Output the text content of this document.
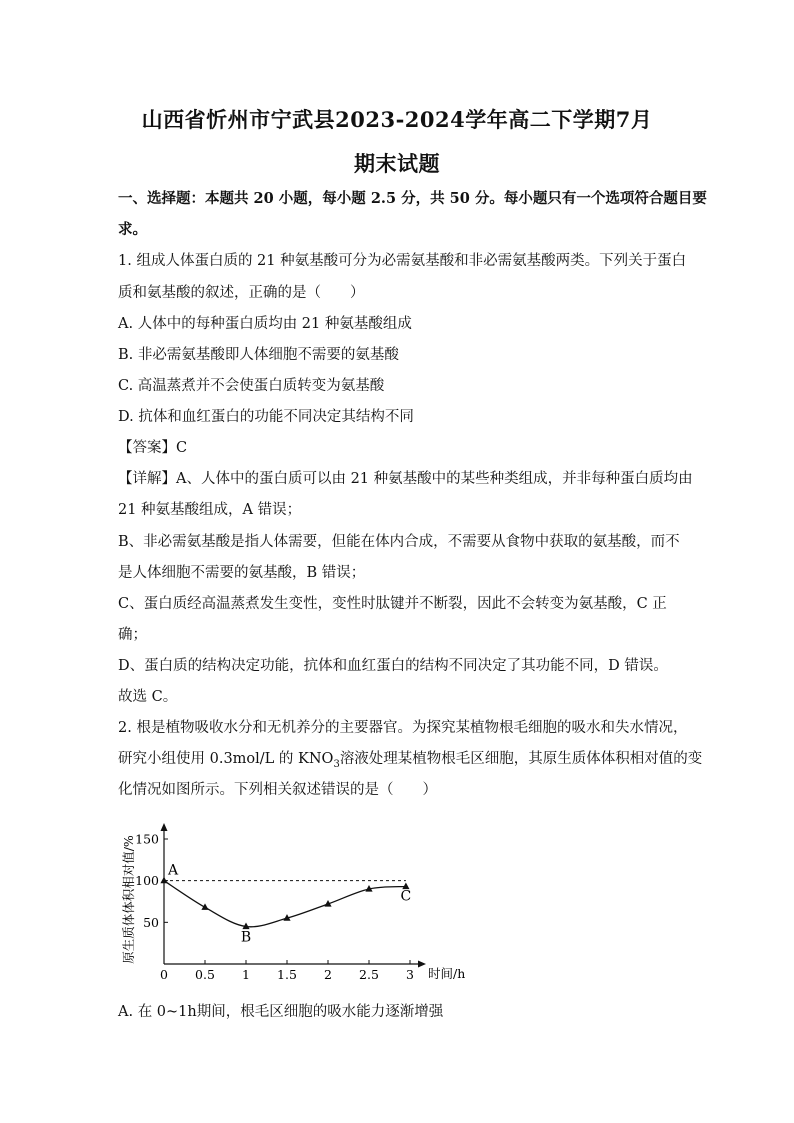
山西省忻州市宁武县2023-2024学年高二下学期7月
期末试题
一、选择题：本题共 20 小题，每小题 2.5 分，共 50 分。每小题只有一个选项符合题目要
求。
1. 组成人体蛋白质的 21 种氨基酸可分为必需氨基酸和非必需氨基酸两类。下列关于蛋白
质和氨基酸的叙述，正确的是（　　）
A. 人体中的每种蛋白质均由 21 种氨基酸组成
B. 非必需氨基酸即人体细胞不需要的氨基酸
C. 高温蒸煮并不会使蛋白质转变为氨基酸
D. 抗体和血红蛋白的功能不同决定其结构不同
【答案】C
【详解】A、人体中的蛋白质可以由 21 种氨基酸中的某些种类组成，并非每种蛋白质均由
21 种氨基酸组成，A 错误；
B、非必需氨基酸是指人体需要，但能在体内合成，不需要从食物中获取的氨基酸，而不
是人体细胞不需要的氨基酸，B 错误；
C、蛋白质经高温蒸煮发生变性，变性时肽键并不断裂，因此不会转变为氨基酸，C 正
确；
D、蛋白质的结构决定功能，抗体和血红蛋白的结构不同决定了其功能不同，D 错误。
故选 C。
2. 根是植物吸收水分和无机养分的主要器官。为探究某植物根毛细胞的吸水和失水情况，
研究小组使用 0.3mol/L 的 $KNO_3$溶液处理某植物根毛区细胞，其原生质体体积相对值的变
化情况如图所示。下列相关叙述错误的是（　　）
0 0.5 1 1.5 2 2.5 3
50
100
150
时间/h
原生质体体积相对值/% A
B
C
A. 在 0~1h期间，根毛区细胞的吸水能力逐渐增强
